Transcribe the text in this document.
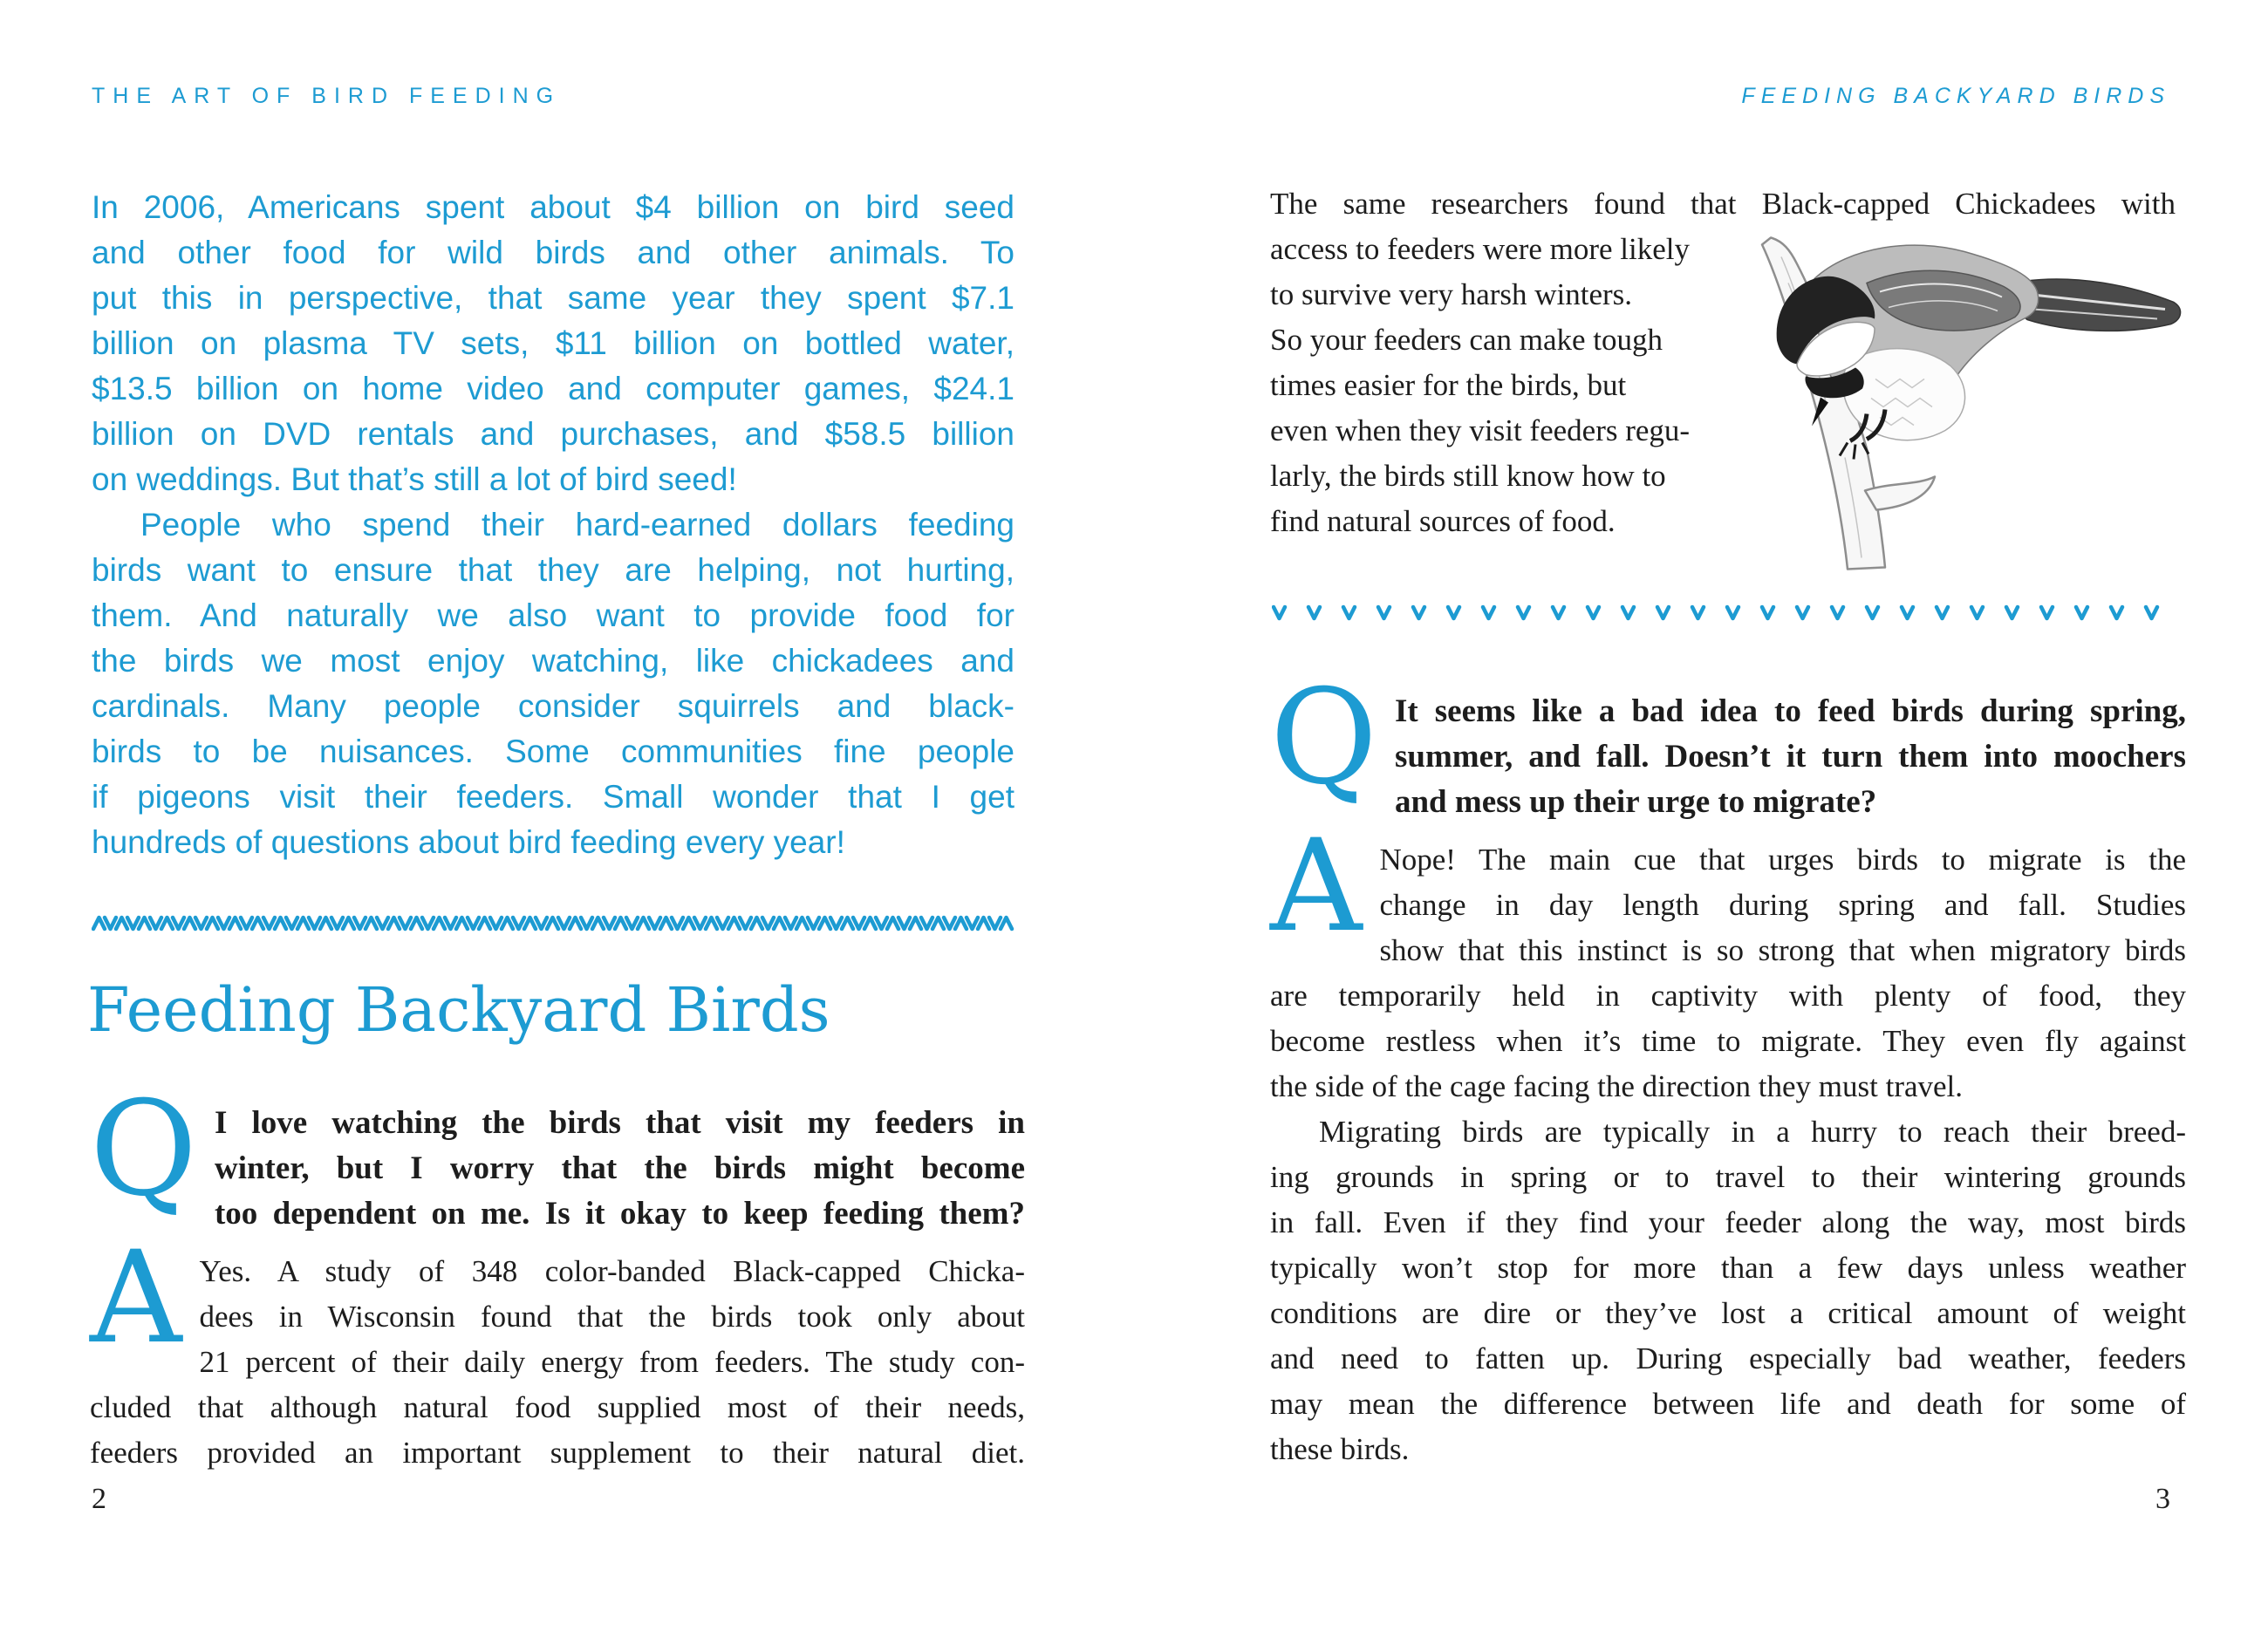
THE ART OF BIRD FEEDING
In 2006, Americans spent about $4 billion on bird seed
and other food for wild birds and other animals. To
put this in perspective, that same year they spent $7.1
billion on plasma TV sets, $11 billion on bottled water,
$13.5 billion on home video and computer games, $24.1
billion on DVD rentals and purchases, and $58.5 billion
on weddings. But that’s still a lot of bird seed!
People who spend their hard-earned dollars feeding
birds want to ensure that they are helping, not hurting,
them. And naturally we also want to provide food for
the birds we most enjoy watching, like chickadees and
cardinals. Many people consider squirrels and black-
birds to be nuisances. Some communities fine people
if pigeons visit their feeders. Small wonder that I get
hundreds of questions about bird feeding every year!
Feeding Backyard Birds
Q I love watching the birds that visit my feeders in
winter, but I worry that the birds might become
too dependent on me. Is it okay to keep feeding them?
A Yes. A study of 348 color-banded Black-capped Chicka-
dees in Wisconsin found that the birds took only about
21 percent of their daily energy from feeders. The study con-
cluded that although natural food supplied most of their needs,
feeders provided an important supplement to their natural diet.
2
FEEDING BACKYARD BIRDS
The same researchers found that Black-capped Chickadees with
access to feeders were more likely
to survive very harsh winters.
So your feeders can make tough
times easier for the birds, but
even when they visit feeders regu-
larly, the birds still know how to
find natural sources of food.
Q It seems like a bad idea to feed birds during spring,
summer, and fall. Doesn’t it turn them into moochers
and mess up their urge to migrate?
A Nope! The main cue that urges birds to migrate is the
change in day length during spring and fall. Studies
show that this instinct is so strong that when migratory birds
are temporarily held in captivity with plenty of food, they
become restless when it’s time to migrate. They even fly against
the side of the cage facing the direction they must travel.
Migrating birds are typically in a hurry to reach their breed-
ing grounds in spring or to travel to their wintering grounds
in fall. Even if they find your feeder along the way, most birds
typically won’t stop for more than a few days unless weather
conditions are dire or they’ve lost a critical amount of weight
and need to fatten up. During especially bad weather, feeders
may mean the difference between life and death for some of
these birds.
3
